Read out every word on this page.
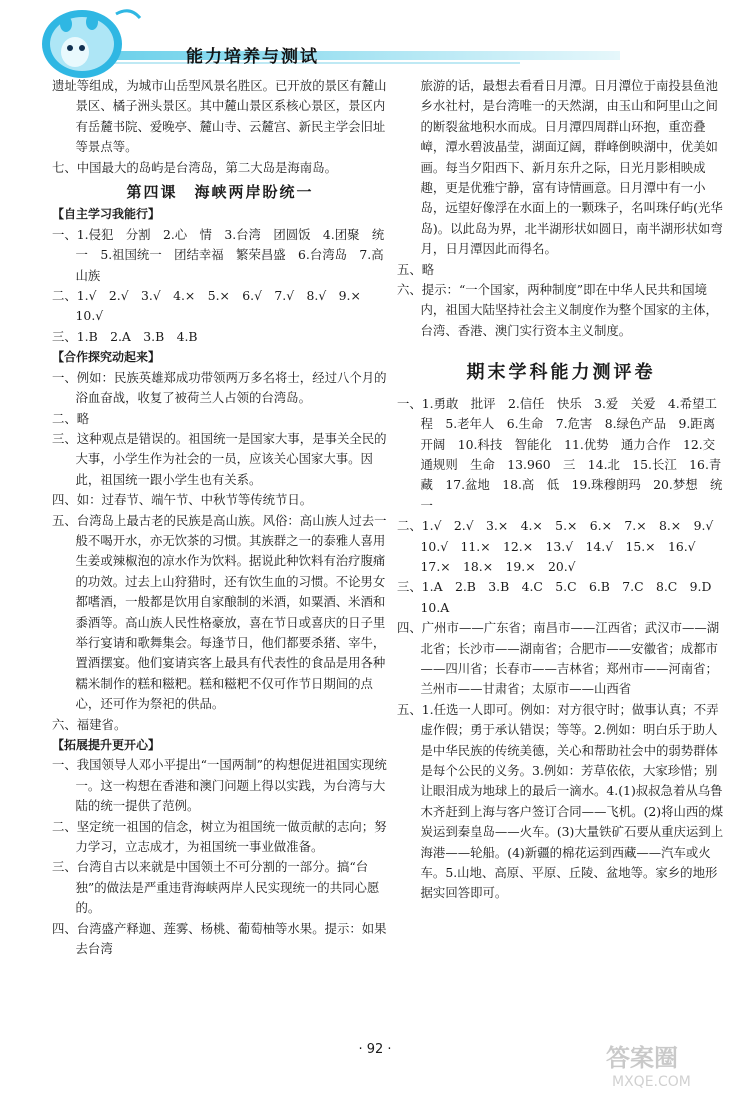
能力培养与测试

遗址等组成，为城市山岳型风景名胜区。已开放的景区有麓山景区、橘子洲头景区。其中麓山景区系核心景区，景区内有岳麓书院、爱晚亭、麓山寺、云麓宫、新民主学会旧址等景点等。

七、中国最大的岛屿是台湾岛，第二大岛是海南岛。

第四课　海峡两岸盼统一

【自主学习我能行】

一、1.侵犯　分割　2.心　情　3.台湾　团圆饭　4.团聚　统一　5.祖国统一　团结幸福　繁荣昌盛　6.台湾岛　7.高山族

二、1.√　2.√　3.√　4.×　5.×　6.√　7.√　8.√　9.×　10.√

三、1.B　2.A　3.B　4.B

【合作探究动起来】

一、例如：民族英雄郑成功带领两万多名将士，经过八个月的浴血奋战，收复了被荷兰人占领的台湾岛。

二、略

三、这种观点是错误的。祖国统一是国家大事，是事关全民的大事，小学生作为社会的一员，应该关心国家大事。因此，祖国统一跟小学生也有关系。

四、如：过春节、端午节、中秋节等传统节日。

五、台湾岛上最古老的民族是高山族。风俗：高山族人过去一般不喝开水，亦无饮茶的习惯。其族群之一的泰雅人喜用生姜或辣椒泡的凉水作为饮料。据说此种饮料有治疗腹痛的功效。过去上山狩猎时，还有饮生血的习惯。不论男女都嗜酒，一般都是饮用自家酿制的米酒，如粟酒、米酒和黍酒等。高山族人民性格豪放，喜在节日或喜庆的日子里举行宴请和歌舞集会。每逢节日，他们都要杀猪、宰牛，置酒摆宴。他们宴请宾客上最具有代表性的食品是用各种糯米制作的糕和糍粑。糕和糍粑不仅可作节日期间的点心，还可作为祭祀的供品。

六、福建省。

【拓展提升更开心】

一、我国领导人邓小平提出“一国两制”的构想促进祖国实现统一。这一构想在香港和澳门问题上得以实践，为台湾与大陆的统一提供了范例。

二、坚定统一祖国的信念，树立为祖国统一做贡献的志向；努力学习，立志成才，为祖国统一事业做准备。

三、台湾自古以来就是中国领土不可分割的一部分。搞“台独”的做法是严重违背海峡两岸人民实现统一的共同心愿的。

四、台湾盛产释迦、莲雾、杨桃、葡萄柚等水果。提示：如果去台湾

旅游的话，最想去看看日月潭。日月潭位于南投县鱼池乡水社村，是台湾唯一的天然湖，由玉山和阿里山之间的断裂盆地积水而成。日月潭四周群山环抱，重峦叠嶂，潭水碧波晶莹，湖面辽阔，群峰倒映湖中，优美如画。每当夕阳西下、新月东升之际，日光月影相映成趣，更是优雅宁静，富有诗情画意。日月潭中有一小岛，远望好像浮在水面上的一颗珠子，名叫珠仔屿(光华岛)。以此岛为界，北半湖形状如圆日，南半湖形状如弯月，日月潭因此而得名。

五、略

六、提示：“一个国家，两种制度”即在中华人民共和国境内，祖国大陆坚持社会主义制度作为整个国家的主体，台湾、香港、澳门实行资本主义制度。

期末学科能力测评卷

一、1.勇敢　批评　2.信任　快乐　3.爱　关爱　4.希望工程　5.老年人　6.生命　7.危害　8.绿色产品　9.距离　开阔　10.科技　智能化　11.优势　通力合作　12.交通规则　生命　13.960　三　14.北　15.长江　16.青藏　17.盆地　18.高　低　19.珠穆朗玛　20.梦想　统一

二、1.√　2.√　3.×　4.×　5.×　6.×　7.×　8.×　9.√　10.√　11.×　12.×　13.√　14.√　15.×　16.√　17.×　18.×　19.×　20.√

三、1.A　2.B　3.B　4.C　5.C　6.B　7.C　8.C　9.D　10.A

四、广州市——广东省；南昌市——江西省；武汉市——湖北省；长沙市——湖南省；合肥市——安徽省；成都市——四川省；长春市——吉林省；郑州市——河南省；兰州市——甘肃省；太原市——山西省

五、1.任选一人即可。例如：对方很守时；做事认真；不弄虚作假；勇于承认错误；等等。2.例如：明白乐于助人是中华民族的传统美德，关心和帮助社会中的弱势群体是每个公民的义务。3.例如：芳草依依，大家珍惜；别让眼泪成为地球上的最后一滴水。4.(1)叔叔急着从乌鲁木齐赶到上海与客户签订合同——飞机。(2)将山西的煤炭运到秦皇岛——火车。(3)大量铁矿石要从重庆运到上海港——轮船。(4)新疆的棉花运到西藏——汽车或火车。5.山地、高原、平原、丘陵、盆地等。家乡的地形据实回答即可。

· 92 ·	答案圈
MXQE.COM
